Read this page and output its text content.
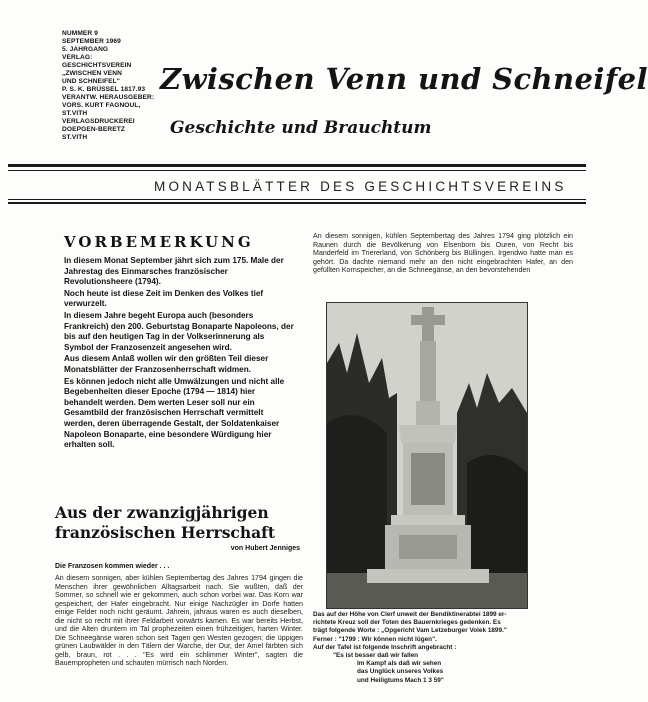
NUMMER 9
SEPTEMBER 1969
5. JAHRGANG
VERLAG:
GESCHICHTSVEREIN
„ZWISCHEN VENN
UND SCHNEIFEL"
P. S. K. BRÜSSEL 1817.93
VERANTW. HERAUSGEBER:
VORS. KURT FAGNOUL,
ST.VITH
VERLAGSDRUCKEREI
DOEPGEN-BERETZ
ST.VITH
Zwischen Venn und Schneifel
Geschichte und Brauchtum
MONATSBLÄTTER DES GESCHICHTSVEREINS
VORBEMERKUNG

In diesem Monat September jährt sich zum 175. Male der Jahrestag des Einmarsches französischer Revolutionsheere (1794).

Noch heute ist diese Zeit im Denken des Volkes tief verwurzelt.

In diesem Jahre begeht Europa auch (besonders Frankreich) den 200. Geburtstag Bonaparte Napoleons, der bis auf den heutigen Tag in der Volkserinnerung als Symbol der Franzosenzeit angesehen wird.

Aus diesem Anlaß wollen wir den größten Teil dieser Monatsblätter der Franzosenherrschaft widmen.

Es können jedoch nicht alle Umwälzungen und nicht alle Begebenheiten dieser Epoche (1794 — 1814) hier behandelt werden. Dem werten Leser soll nur ein Gesamtbild der französischen Herrschaft vermittelt werden, deren überragende Gestalt, der Soldatenkaiser Napoleon Bonaparte, eine besondere Würdigung hier erhalten soll.

Aus der zwanzigjährigen französischen Herrschaft
von Hubert Jenniges
Die Franzosen kommen wieder . . .
An diesem sonnigen, aber kühlen Septembertag des Jahres 1794 gingen die Menschen ihrer gewöhnlichen Alltagsarbeit nach. Sie wußten, daß der Sommer, so schnell wie er gekommen, auch schon vorbei war. Das Korn war gespeichert, der Hafer eingebracht. Nur einige Nachzügler im Dorfe hatten einige Felder noch nicht geräumt. Jahrein, jahraus waren es auch dieselben, die nicht so recht mit ihrer Feldarbeit vorwärts kamen. Es war bereits Herbst, und die Alten druntem im Tal prophezeiten einen frühzeitigen, harten Winter. Die Schneegänse waren schon seit Tagen gen Westen gezogen; die üppigen grünen Laubwälder in den Tälern der Warche, der Our, der Amel färbten sich gelb, braun, rot . . . "Es wird ein schlimmer Winter", sagten die Bauernpropheten und schauten mürrisch nach Norden.
An diesem sonnigen, kühlen Septembertag des Jahres 1794 ging plötzlich ein Raunen durch die Bevölkerung von Elsenborn bis Ouren, von Recht bis Manderfeld im Triererland, von Schönberg bis Büllingen. Irgendwo hatte man es gehört. Da dachte niemand mehr an den nicht eingebrachten Hafer, an den gefüllten Kornspeicher, an die Schneegänse, an den bevorstehenden
Das auf der Höhe von Clerf unweit der Bendiktinerabtei 1899 er-
richtete Kreuz soll der Toten des Bauernkrieges gedenken. Es
trägt folgende Worte : „Opgericht Vam Letzeburger Volek 1899."
Ferner : "1799 : Wir können nicht lügen".
Auf der Tafel ist folgende Inschrift angebracht :
"Es ist besser daß wir fallen
Im Kampf als daß wir sehen
das Unglück unseres Volkes
und Heiligtums Mach 1 3 59"
